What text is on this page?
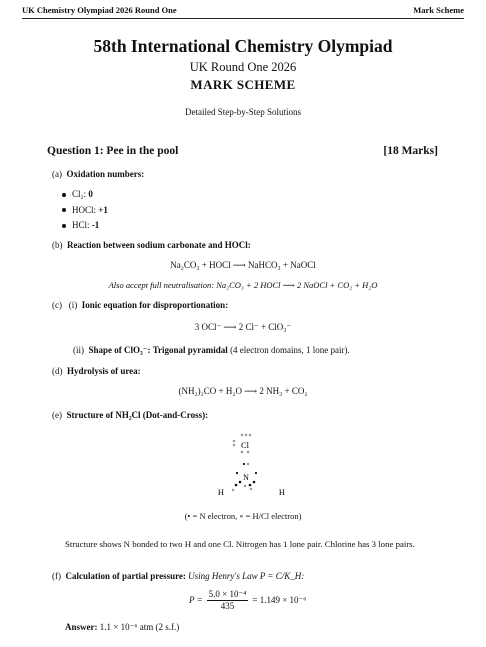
UK Chemistry Olympiad 2026 Round One	Mark Scheme
58th International Chemistry Olympiad
UK Round One 2026
MARK SCHEME
Detailed Step-by-Step Solutions
Question 1: Pee in the pool	[18 Marks]
(a) Oxidation numbers:
Cl₂: 0
HOCl: +1
HCl: -1
(b) Reaction between sodium carbonate and HOCl:
Na₂CO₃ + HOCl ⟶ NaHCO₃ + NaOCl
Also accept full neutralisation: Na₂CO₃ + 2 HOCl ⟶ 2 NaOCl + CO₂ + H₂O
(c) (i) Ionic equation for disproportionation:
3 OCl⁻ ⟶ 2 Cl⁻ + ClO₃⁻
(ii) Shape of ClO₃⁻: Trigonal pyramidal (4 electron domains, 1 lone pair).
(d) Hydrolysis of urea:
(NH₂)₂CO + H₂O ⟶ 2 NH₃ + CO₂
(e) Structure of NH₂Cl (Dot-and-Cross):
Cl
N
H	H
(• = N electron, ∘ = H/Cl electron)
Structure shows N bonded to two H and one Cl. Nitrogen has 1 lone pair. Chlorine has 3 lone pairs.
(f) Calculation of partial pressure: Using Henry's Law P = C/K_H:
$P = \frac{\text{5.0 × 10⁻⁴}}{435} = 1.149 \times 10^{-6}$
Answer: 1.1 × 10⁻⁶ atm (2 s.f.)
